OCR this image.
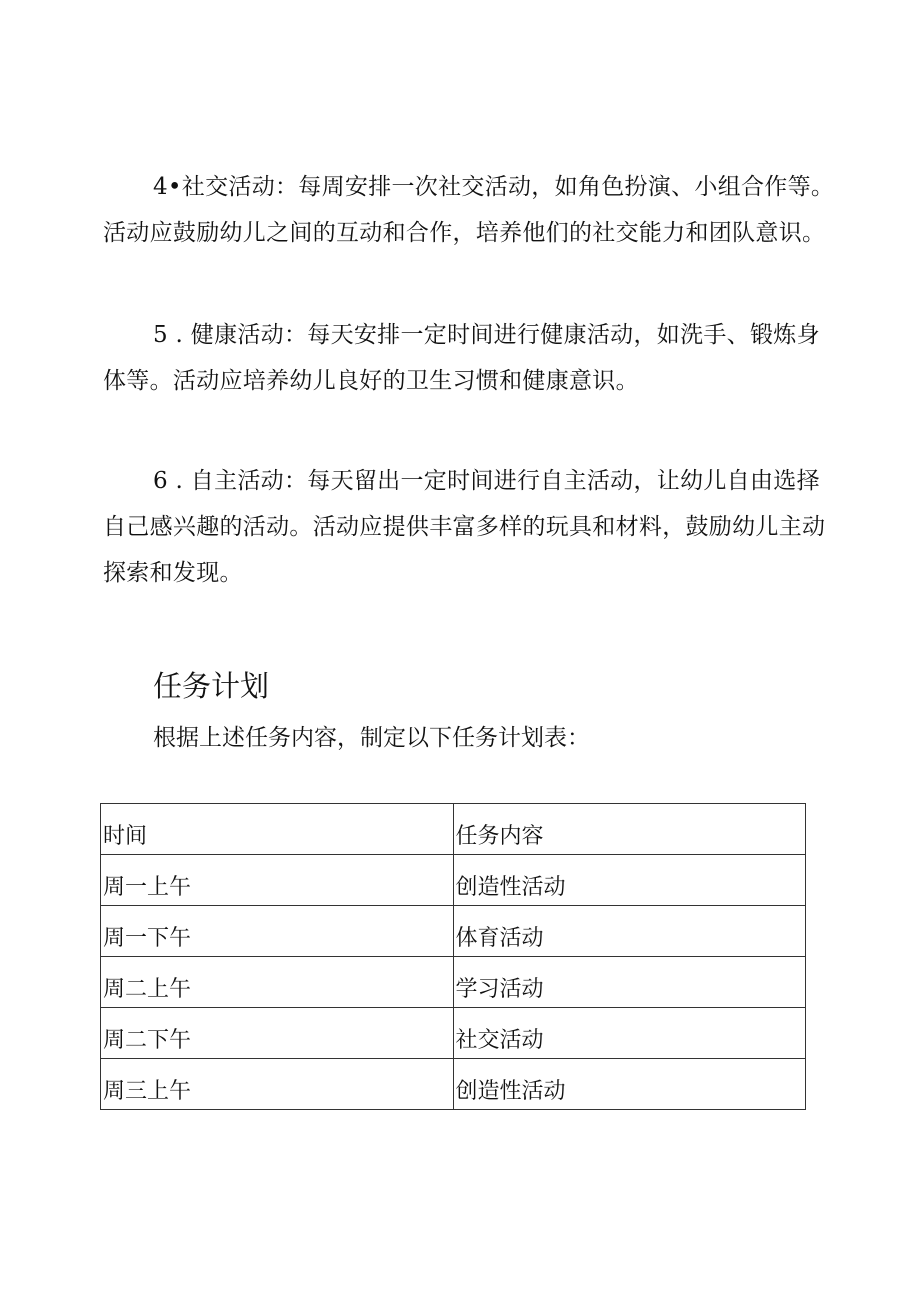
4•社交活动：每周安排一次社交活动，如角色扮演、小组合作等。
活动应鼓励幼儿之间的互动和合作，培养他们的社交能力和团队意识。
5 . 健康活动：每天安排一定时间进行健康活动，如洗手、锻炼身
体等。活动应培养幼儿良好的卫生习惯和健康意识。
6 . 自主活动：每天留出一定时间进行自主活动，让幼儿自由选择
自己感兴趣的活动。活动应提供丰富多样的玩具和材料，鼓励幼儿主动
探索和发现。
任务计划
根据上述任务内容，制定以下任务计划表：
时间	任务内容
周一上午	创造性活动
周一下午	体育活动
周二上午	学习活动
周二下午	社交活动
周三上午	创造性活动
